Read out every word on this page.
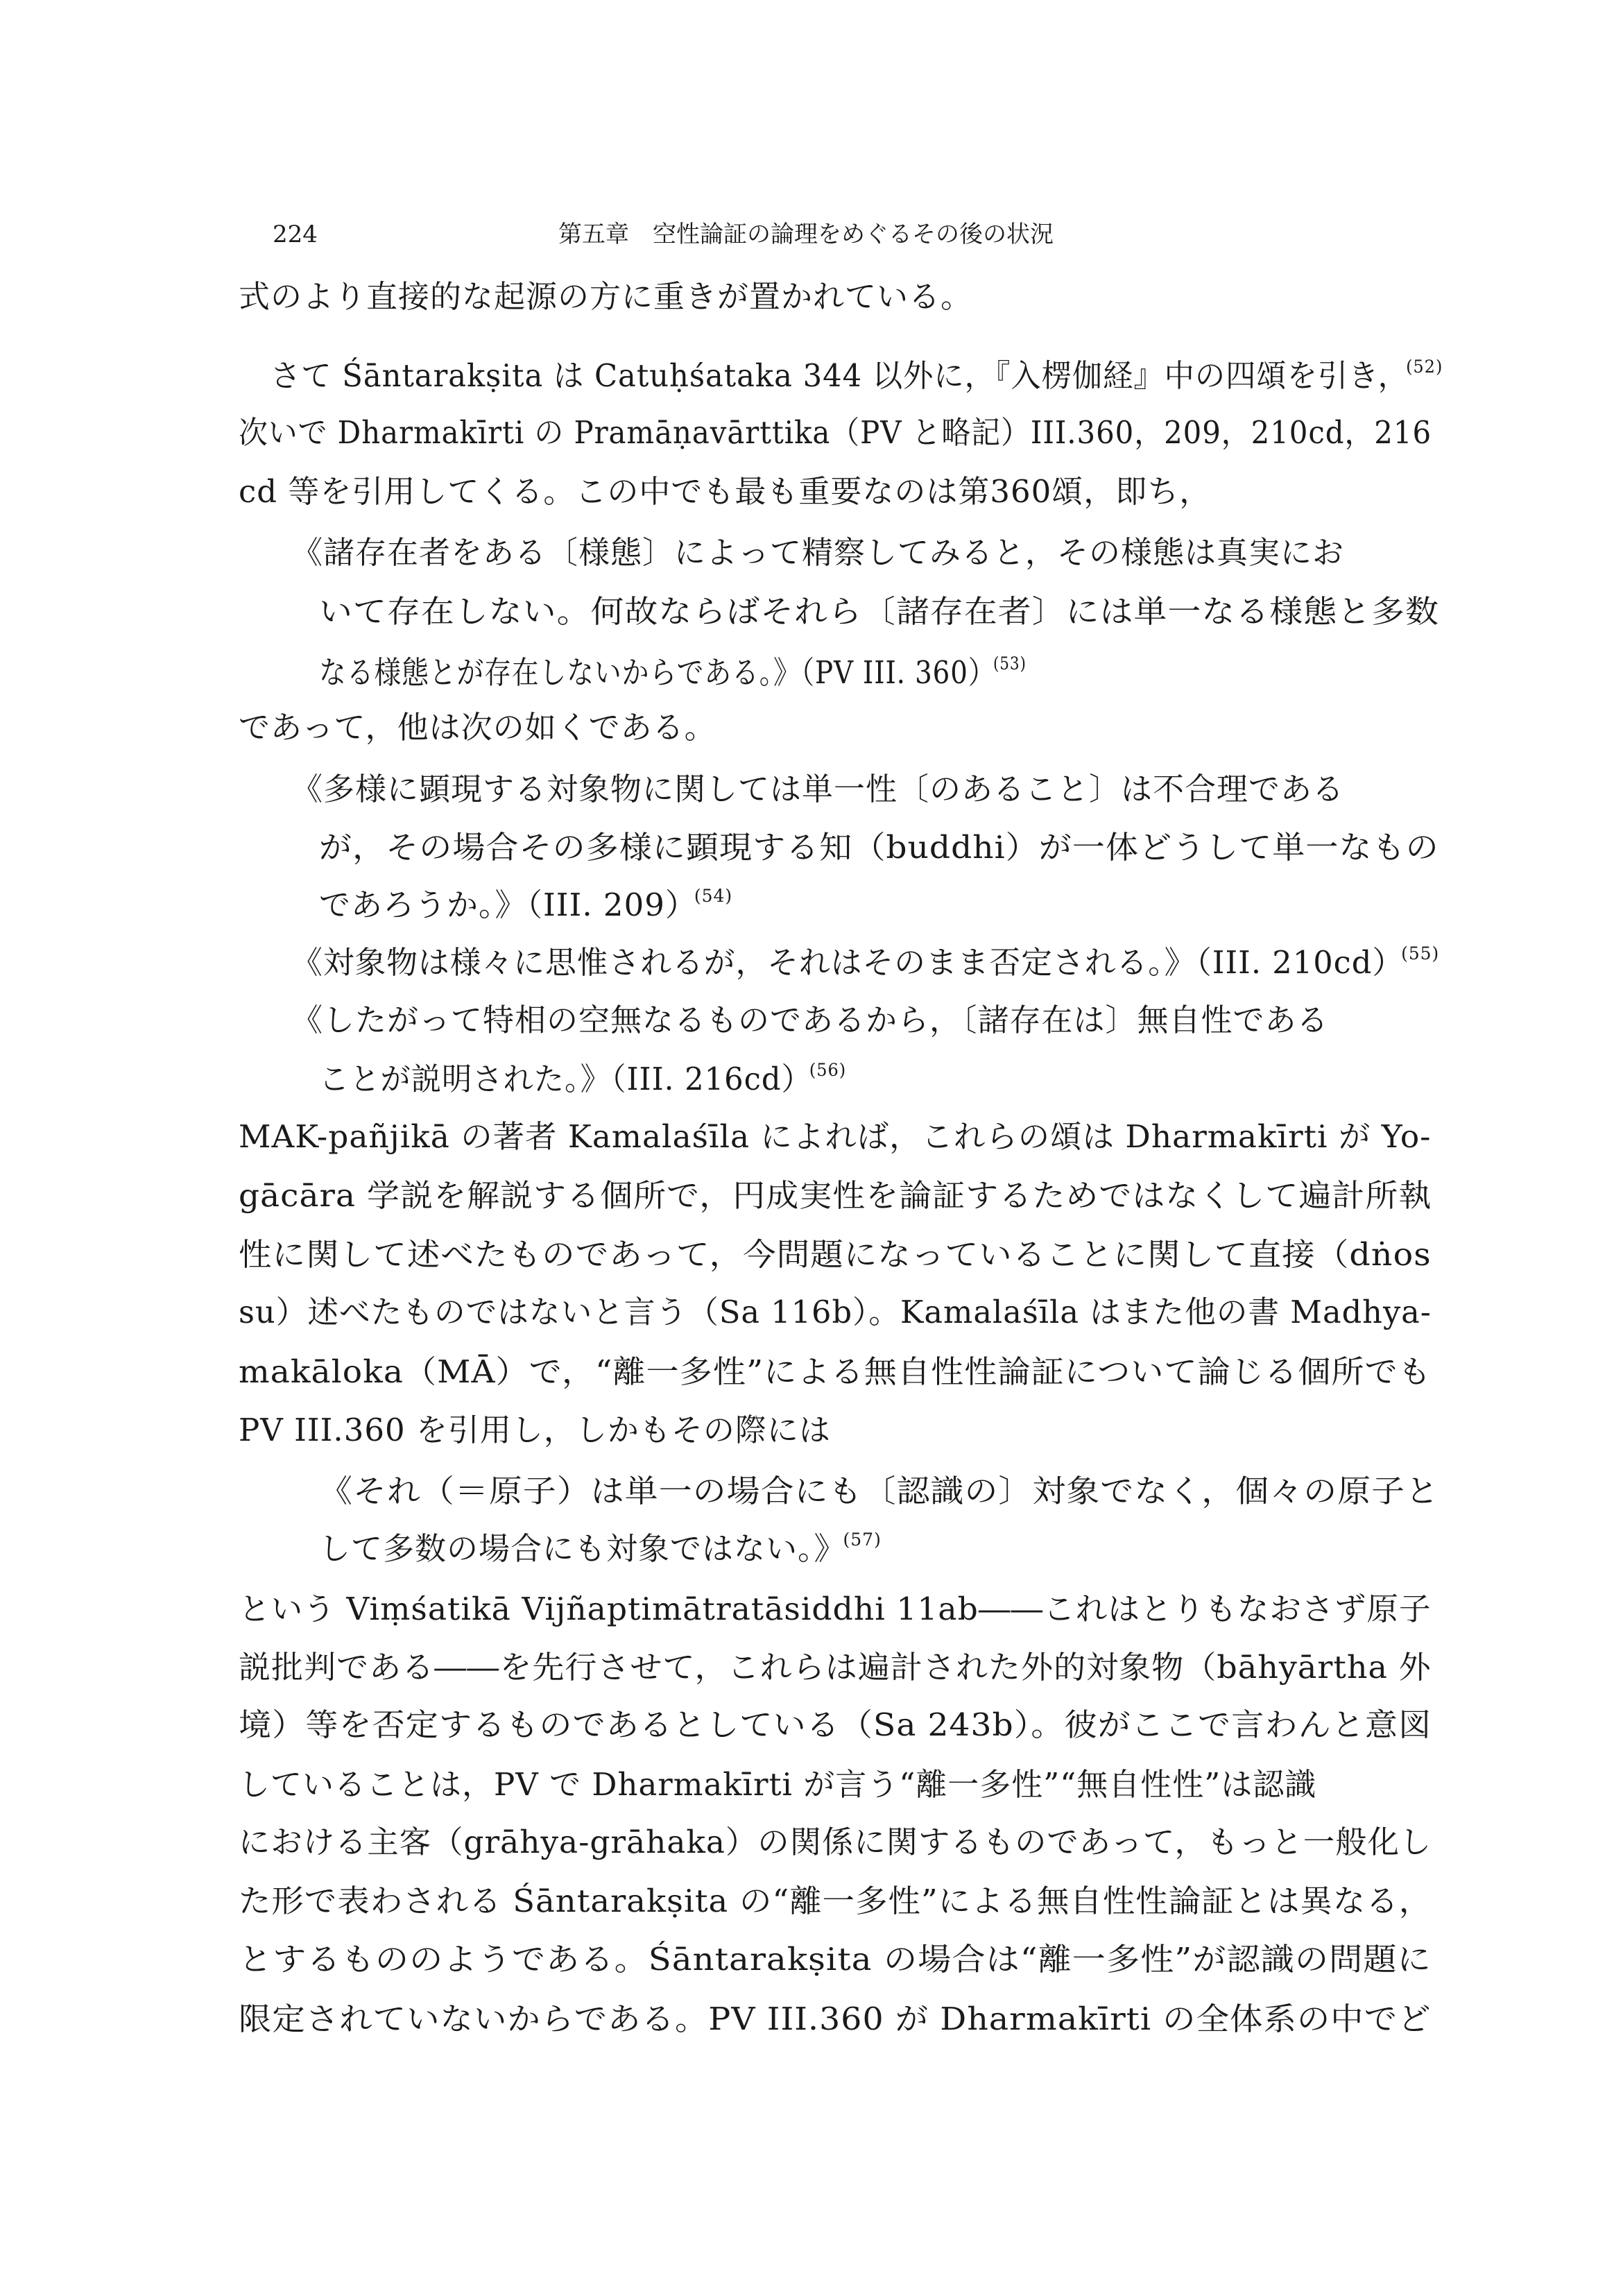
224	第五章　空性論証の論理をめぐるその後の状況
式のより直接的な起源の方に重きが置かれている。
さて Śāntarakṣita は Catuḥśataka 344 以外に，『入楞伽経』中の四頌を引き，$^{(52)}$
次いで Dharmakīrti の Pramāṇavārttika（PV と略記）III.360，209，210cd，216
cd 等を引用してくる。この中でも最も重要なのは第360頌，即ち，
《諸存在者をある〔様態〕によって精察してみると，その様態は真実にお
いて存在しない。何故ならばそれら〔諸存在者〕には単一なる様態と多数
なる様態とが存在しないからである。》（PV III. 360）$^{(53)}$
であって，他は次の如くである。
《多様に顕現する対象物に関しては単一性〔のあること〕は不合理である
が，その場合その多様に顕現する知（buddhi）が一体どうして単一なもの
であろうか。》（III. 209）$^{(54)}$
《対象物は様々に思惟されるが，それはそのまま否定される。》（III. 210cd）$^{(55)}$
《したがって特相の空無なるものであるから，〔諸存在は〕無自性である
ことが説明された。》（III. 216cd）$^{(56)}$
MAK-pañjikā の著者 Kamalaśīla によれば，これらの頌は Dharmakīrti が Yo-
gācāra 学説を解説する個所で，円成実性を論証するためではなくして遍計所執
性に関して述べたものであって，今問題になっていることに関して直接（dṅos
su）述べたものではないと言う（Sa 116b）。Kamalaśīla はまた他の書 Madhya-
makāloka（MĀ）で，“離一多性”による無自性性論証について論じる個所でも
PV III.360 を引用し，しかもその際には
《それ（＝原子）は単一の場合にも〔認識の〕対象でなく，個々の原子と
して多数の場合にも対象ではない。》$^{(57)}$
という Viṃśatikā Vijñaptimātratāsiddhi 11ab――これはとりもなおさず原子
説批判である――を先行させて，これらは遍計された外的対象物（bāhyārtha 外
境）等を否定するものであるとしている（Sa 243b）。彼がここで言わんと意図
していることは，PV で Dharmakīrti が言う“離一多性”“無自性性”は認識
における主客（grāhya-grāhaka）の関係に関するものであって，もっと一般化し
た形で表わされる Śāntarakṣita の“離一多性”による無自性性論証とは異なる，
とするもののようである。Śāntarakṣita の場合は“離一多性”が認識の問題に
限定されていないからである。PV III.360 が Dharmakīrti の全体系の中でど
